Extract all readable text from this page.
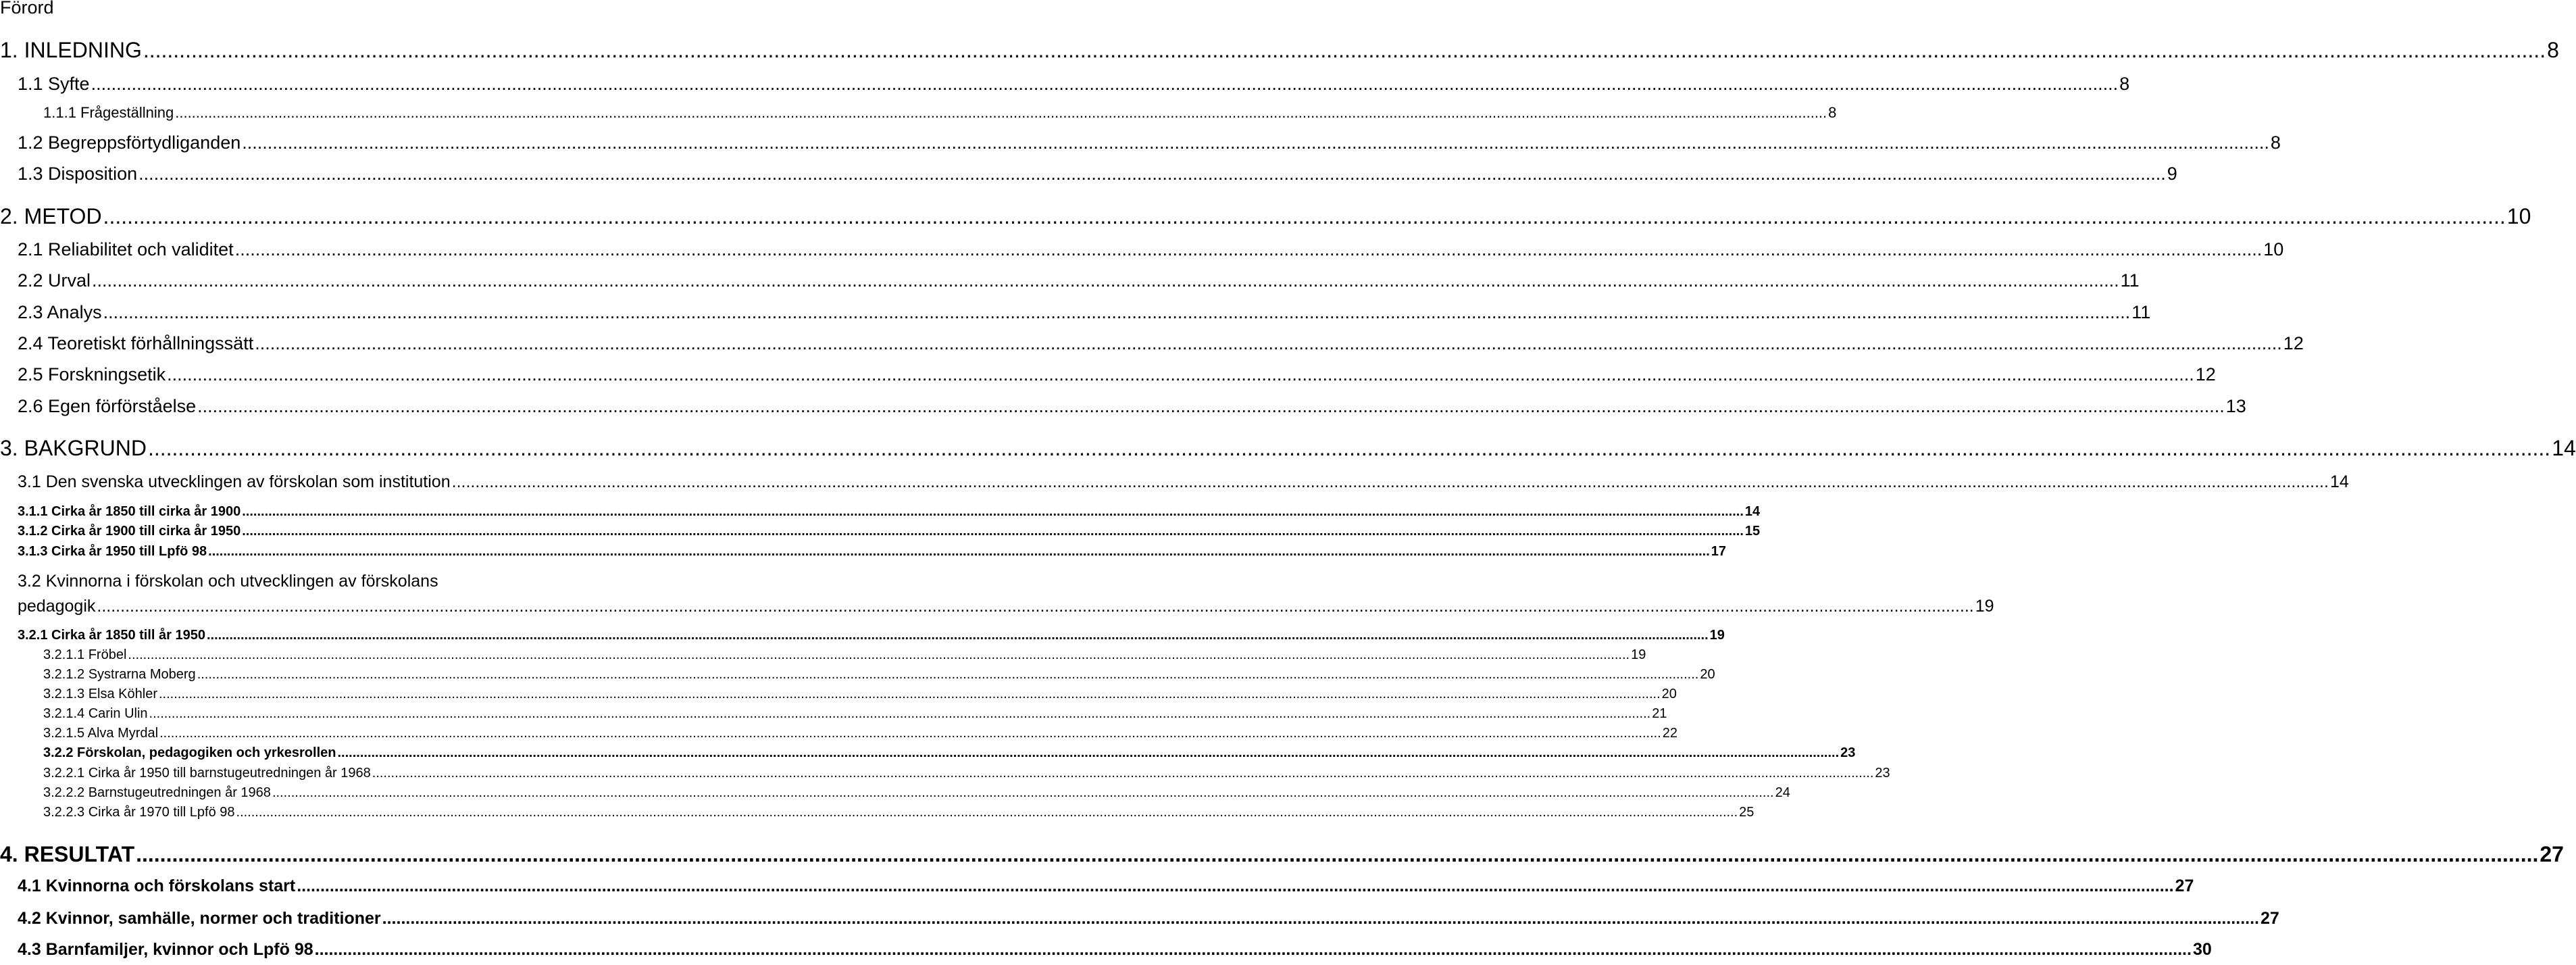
Förord
1. INLEDNING ................................................................................................................................................................................................................................................................................................................................................................................................................ 8
1.1 Syfte ................................................................................................................................................................................................................................................................................................................................................................................................................ 8
1.1.1 Frågeställning ................................................................................................................................................................................................................................................................................................................................................................................................................ 8
1.2 Begreppsförtydliganden ................................................................................................................................................................................................................................................................................................................................................................................................................ 8
1.3 Disposition ................................................................................................................................................................................................................................................................................................................................................................................................................ 9
2. METOD ................................................................................................................................................................................................................................................................................................................................................................................................................ 10
2.1 Reliabilitet och validitet ................................................................................................................................................................................................................................................................................................................................................................................................................ 10
2.2 Urval ................................................................................................................................................................................................................................................................................................................................................................................................................ 11
2.3 Analys ................................................................................................................................................................................................................................................................................................................................................................................................................ 11
2.4 Teoretiskt förhållningssätt ................................................................................................................................................................................................................................................................................................................................................................................................................ 12
2.5 Forskningsetik ................................................................................................................................................................................................................................................................................................................................................................................................................ 12
2.6 Egen förförståelse ................................................................................................................................................................................................................................................................................................................................................................................................................ 13
3. BAKGRUND ................................................................................................................................................................................................................................................................................................................................................................................................................ 14
3.1 Den svenska utvecklingen av förskolan som institution ................................................................................................................................................................................................................................................................................................................................................................................................................ 14
3.1.1 Cirka år 1850 till cirka år 1900 ................................................................................................................................................................................................................................................................................................................................................................................................................ 14
3.1.2 Cirka år 1900 till cirka år 1950 ................................................................................................................................................................................................................................................................................................................................................................................................................ 15
3.1.3 Cirka år 1950 till Lpfö 98 ................................................................................................................................................................................................................................................................................................................................................................................................................ 17
3.2 Kvinnorna i förskolan och utvecklingen av förskolans
pedagogik ................................................................................................................................................................................................................................................................................................................................................................................................................ 19
3.2.1 Cirka år 1850 till år 1950 ................................................................................................................................................................................................................................................................................................................................................................................................................ 19
3.2.1.1 Fröbel ................................................................................................................................................................................................................................................................................................................................................................................................................ 19
3.2.1.2 Systrarna Moberg ................................................................................................................................................................................................................................................................................................................................................................................................................ 20
3.2.1.3 Elsa Köhler ................................................................................................................................................................................................................................................................................................................................................................................................................ 20
3.2.1.4 Carin Ulin ................................................................................................................................................................................................................................................................................................................................................................................................................ 21
3.2.1.5 Alva Myrdal ................................................................................................................................................................................................................................................................................................................................................................................................................ 22
3.2.2 Förskolan, pedagogiken och yrkesrollen ................................................................................................................................................................................................................................................................................................................................................................................................................ 23
3.2.2.1 Cirka år 1950 till barnstugeutredningen år 1968 ................................................................................................................................................................................................................................................................................................................................................................................................................ 23
3.2.2.2 Barnstugeutredningen år 1968 ................................................................................................................................................................................................................................................................................................................................................................................................................ 24
3.2.2.3 Cirka år 1970 till Lpfö 98 ................................................................................................................................................................................................................................................................................................................................................................................................................ 25
4. RESULTAT ................................................................................................................................................................................................................................................................................................................................................................................................................ 27
4.1 Kvinnorna och förskolans start ................................................................................................................................................................................................................................................................................................................................................................................................................ 27
4.2 Kvinnor, samhälle, normer och traditioner ................................................................................................................................................................................................................................................................................................................................................................................................................ 27
4.3 Barnfamiljer, kvinnor och Lpfö 98 ................................................................................................................................................................................................................................................................................................................................................................................................................ 30
